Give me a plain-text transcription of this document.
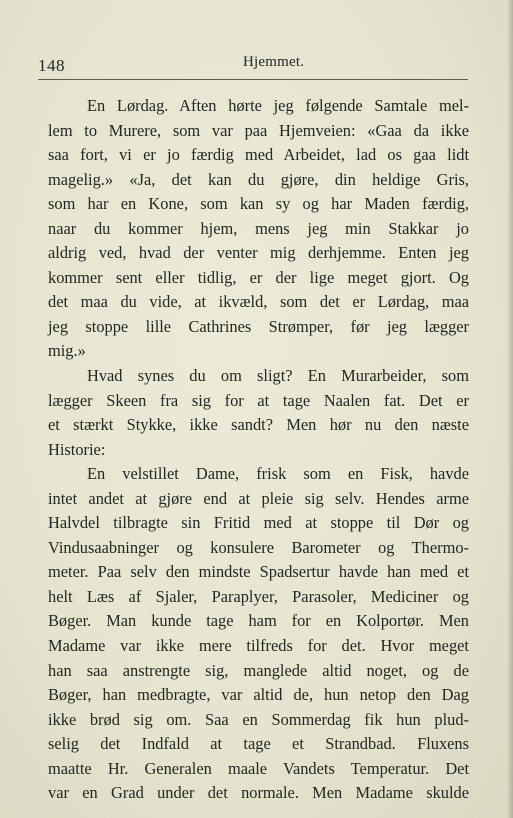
148	Hjemmet.
En Lørdag. Aften hørte jeg følgende Samtale mel-
lem to Murere, som var paa Hjemveien: «Gaa da ikke
saa fort, vi er jo færdig med Arbeidet, lad os gaa lidt
magelig.» «Ja, det kan du gjøre, din heldige Gris,
som har en Kone, som kan sy og har Maden færdig,
naar du kommer hjem, mens jeg min Stakkar jo
aldrig ved, hvad der venter mig derhjemme. Enten jeg
kommer sent eller tidlig, er der lige meget gjort. Og
det maa du vide, at ikvæld, som det er Lørdag, maa
jeg stoppe lille Cathrines Strømper, før jeg lægger
mig.»
Hvad synes du om sligt? En Murarbeider, som
lægger Skeen fra sig for at tage Naalen fat. Det er
et stærkt Stykke, ikke sandt? Men hør nu den næste
Historie:
En velstillet Dame, frisk som en Fisk, havde
intet andet at gjøre end at pleie sig selv. Hendes arme
Halvdel tilbragte sin Fritid med at stoppe til Dør og
Vindusaabninger og konsulere Barometer og Thermo-
meter. Paa selv den mindste Spadsertur havde han med et
helt Læs af Sjaler, Paraplyer, Parasoler, Mediciner og
Bøger. Man kunde tage ham for en Kolportør. Men
Madame var ikke mere tilfreds for det. Hvor meget
han saa anstrengte sig, manglede altid noget, og de
Bøger, han medbragte, var altid de, hun netop den Dag
ikke brød sig om. Saa en Sommerdag fik hun plud-
selig det Indfald at tage et Strandbad. Fluxens
maatte Hr. Generalen maale Vandets Temperatur. Det
var en Grad under det normale. Men Madame skulde
